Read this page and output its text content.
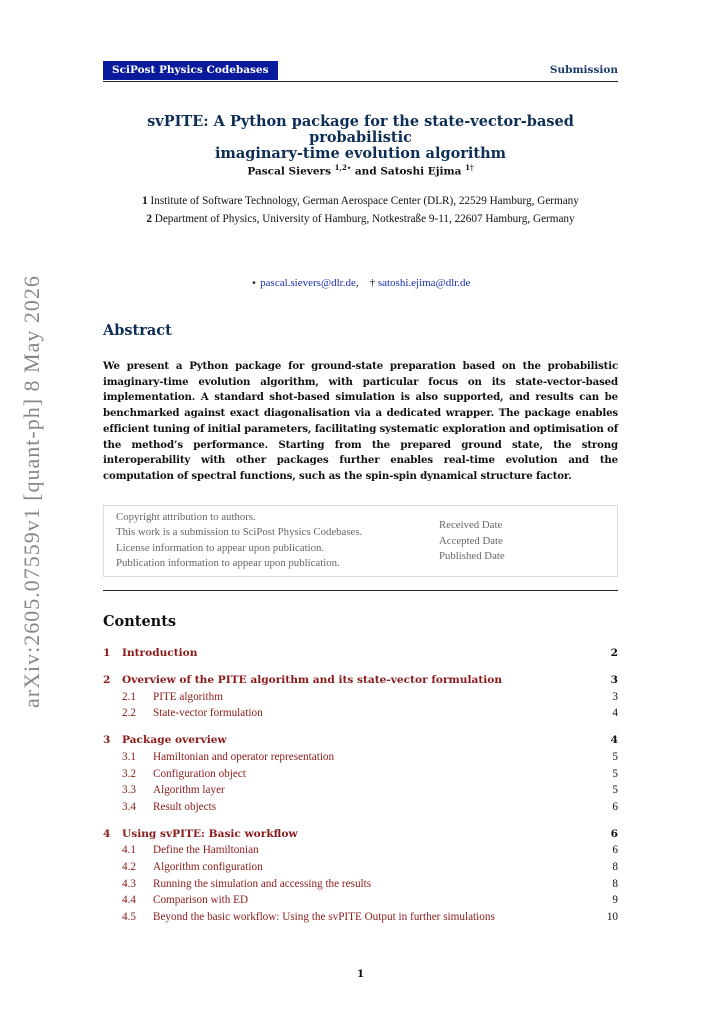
arXiv:2605.07559v1 [quant-ph] 8 May 2026
SciPost Physics Codebases	Submission
svPITE: A Python package for the state-vector-based probabilistic
imaginary-time evolution algorithm
Pascal Sievers $^{1,2⋆}$ and Satoshi Ejima $^{1\dagger}$
1 Institute of Software Technology, German Aerospace Center (DLR), 22529 Hamburg, Germany
2 Department of Physics, University of Hamburg, Notkestraße 9-11, 22607 Hamburg, Germany
⋆ pascal.sievers@dlr.de, † satoshi.ejima@dlr.de
Abstract
We present a Python package for ground-state preparation based on the probabilistic imaginary-time evolution algorithm, with particular focus on its state-vector-based implementation. A standard shot-based simulation is also supported, and results can be benchmarked against exact diagonalisation via a dedicated wrapper. The package enables efficient tuning of initial parameters, facilitating systematic exploration and optimisation of the method’s performance. Starting from the prepared ground state, the strong interoperability with other packages further enables real-time evolution and the computation of spectral functions, such as the spin-spin dynamical structure factor.
Copyright attribution to authors.
This work is a submission to SciPost Physics Codebases.
License information to appear upon publication.
Publication information to appear upon publication.
Received Date
Accepted Date
Published Date
Contents
1 Introduction	2
2 Overview of the PITE algorithm and its state-vector formulation	3
2.1 PITE algorithm	3
2.2 State-vector formulation	4
3 Package overview	4
3.1 Hamiltonian and operator representation	5
3.2 Configuration object	5
3.3 Algorithm layer	5
3.4 Result objects	6
4 Using svPITE: Basic workflow	6
4.1 Define the Hamiltonian	6
4.2 Algorithm configuration	8
4.3 Running the simulation and accessing the results	8
4.4 Comparison with ED	9
4.5 Beyond the basic workflow: Using the svPITE Output in further simulations	10
1
